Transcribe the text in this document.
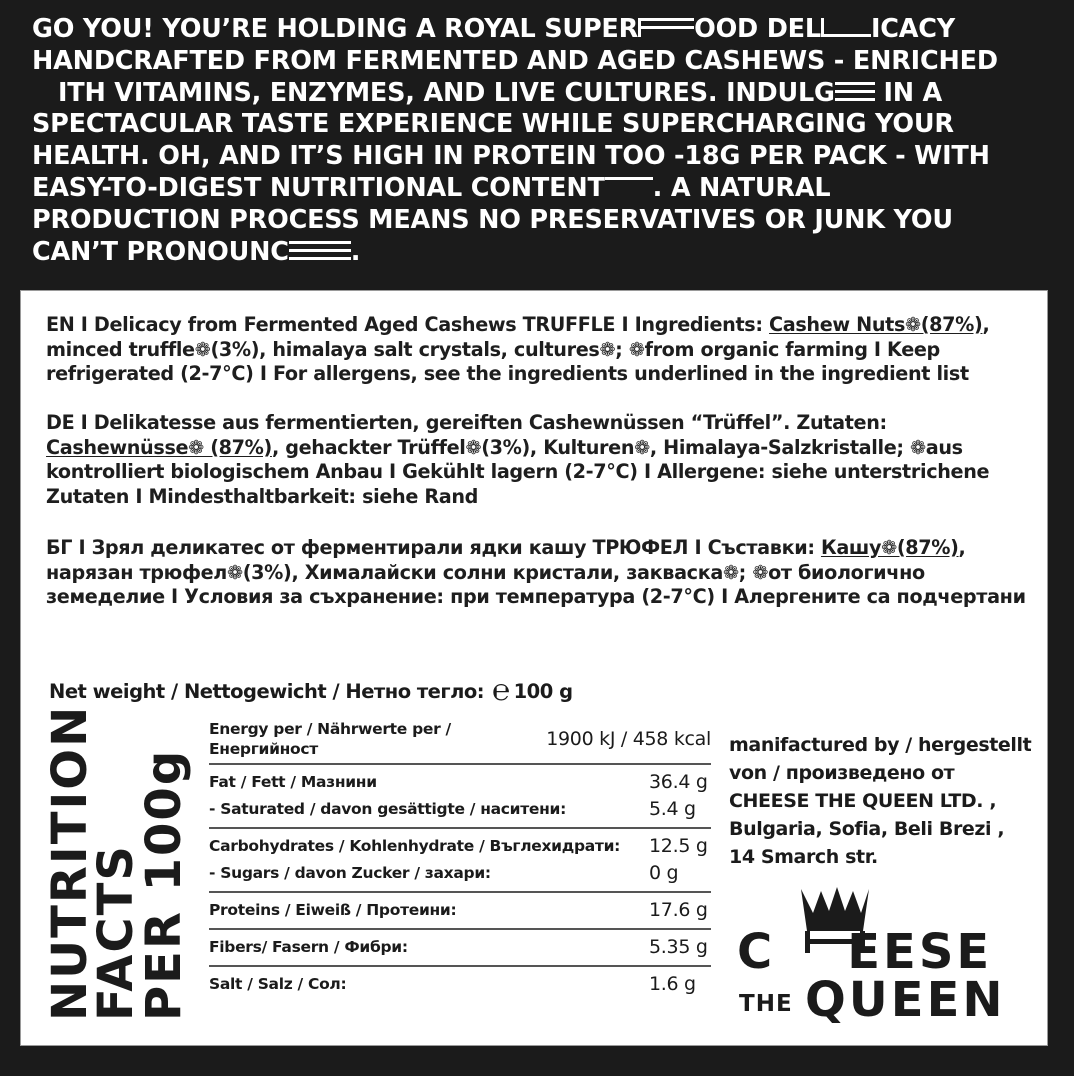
GO YOU! YOU’RE HOLDING A ROYAL SUPER OOD DEL ICACY
HANDCRAFTED FROM FERMENTED AND AGED CASHEWS - ENRICHED
ITH VITAMINS, ENZYMES, AND LIVE CULTURES. INDULG
IN A
SPECTACULAR TASTE EXPERIENCE WHILE SUPERCHARGING YOUR
HEALTH. OH, AND IT’S HIGH IN PROTEIN TOO -18G PER PACK - WITH
EASY-TO-DIGEST NUTRITIONAL CONTENT . A NATURAL
PRODUCTION PROCESS MEANS NO PRESERVATIVES OR JUNK YOU
CAN’T PRONOUNC .

EN I Delicacy from Fermented Aged Cashews TRUFFLE I Ingredients: Cashew Nuts❁(87%), minced truffle❁(3%), himalaya salt crystals, cultures❁; ❁from organic farming I Keep refrigerated (2-7°C) I For allergens, see the ingredients underlined in the ingredient list

DE I Delikatesse aus fermentierten, gereiften Cashewnüssen “Trüffel”. Zutaten: Cashewnüsse❁ (87%), gehackter Trüffel❁(3%), Kulturen❁, Himalaya-Salzkristalle; ❁aus kontrolliert biologischem Anbau I Gekühlt lagern (2-7°C) I Allergene: siehe unterstrichene Zutaten I Mindesthaltbarkeit: siehe Rand

БГ I Зрял деликатес от ферментирали ядки кашу ТРЮФЕЛ I Съставки: Кашу❁(87%), нарязан трюфел❁(3%), Хималайски солни кристали, закваска❁; ❁от биологично земеделие I Условия за съхранение: при температура (2-7°C) I Алергените са подчертани

Net weight / Nettogewicht / Нетно тегло: ℮ 100 g
NUTRITION
FACTS
PER 100g
Energy per / Nährwerte per /
Енергийност	1900 kJ / 458 kcal
Fat / Fett / Мазнини	36.4 g
- Saturated / davon gesättigte / наситени:	5.4 g
Carbohydrates / Kohlenhydrate / Въглехидрати: 12.5 g
- Sugars / davon Zucker / захари:	0 g
Proteins / Eiweiß / Протеини:	17.6 g
Fibers/ Fasern / Фибри:	5.35 g
Salt / Salz / Сол:	1.6 g
manifactured by / hergestellt
von / произведено от
CHEESE THE QUEEN LTD. ,
Bulgaria, Sofia, Beli Brezi ,
14 Smarch str.
C EESE
THE QUEEN
